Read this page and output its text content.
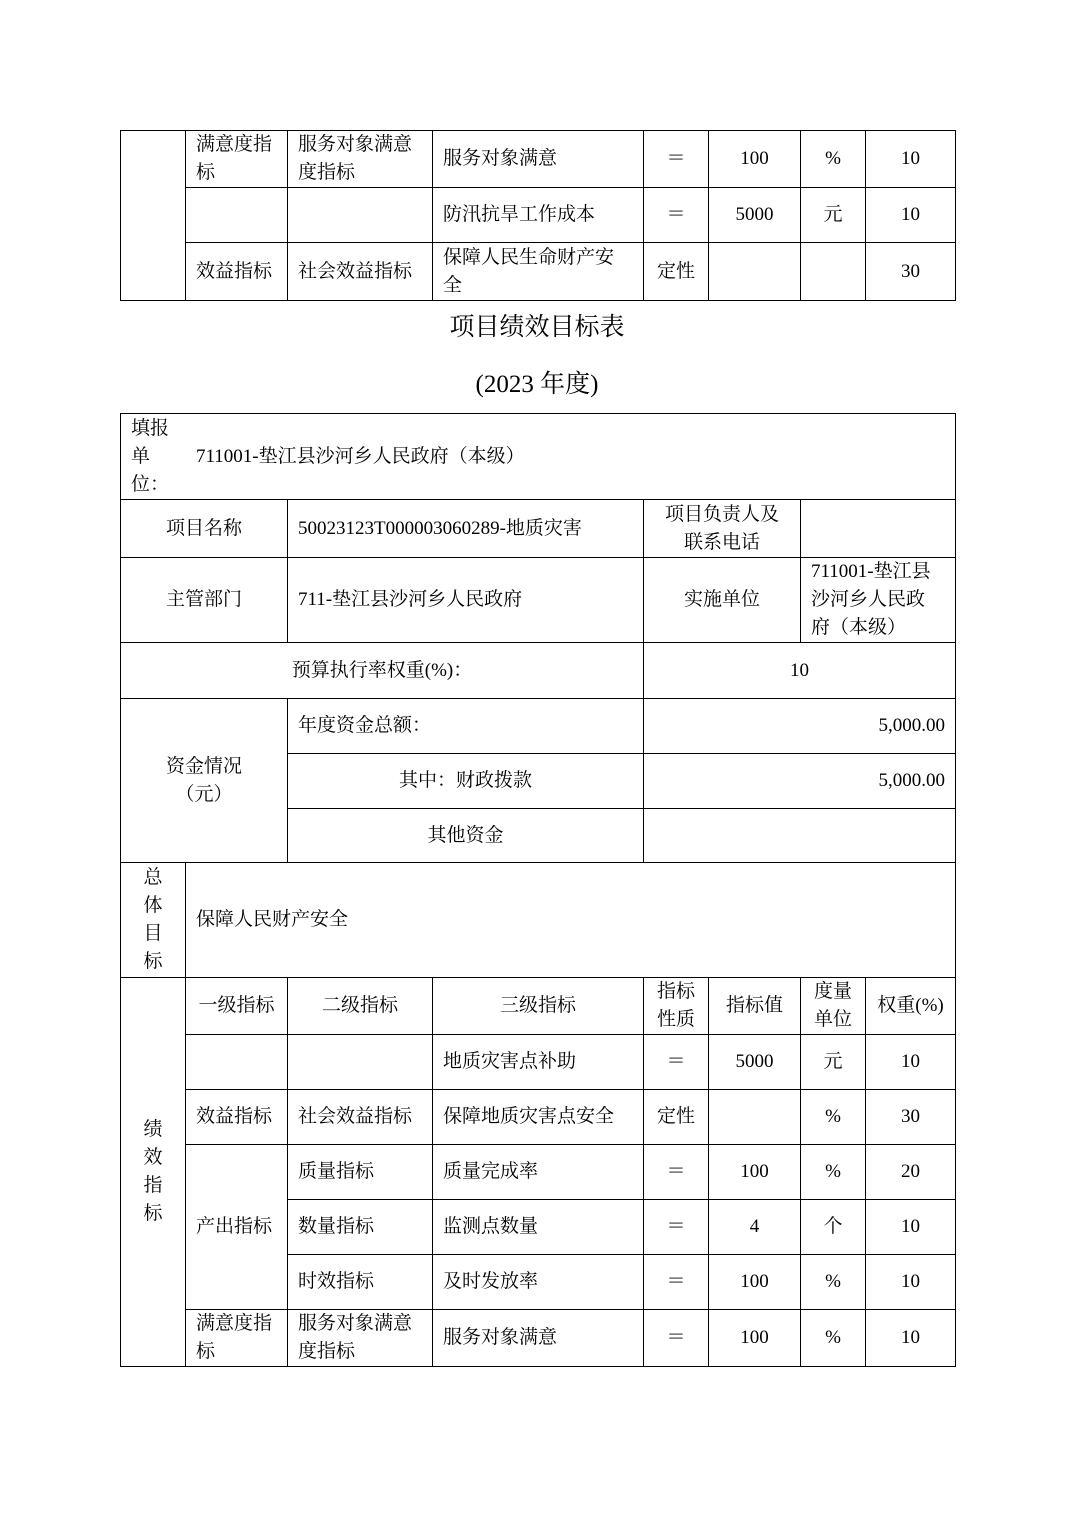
	满意度指标	服务对象满意度指标	服务对象满意	＝	100	%	10
			防汛抗旱工作成本	＝	5000	元	10
	效益指标	社会效益指标	保障人民生命财产安全	定性			30
项目绩效目标表
(2023 年度)
填报单位：
711001-垫江县沙河乡人民政府（本级）							

项目名称		50023123T000003060289-地质灾害		项目负责人及联系电话			
主管部门		711-垫江县沙河乡人民政府		实施单位		711001-垫江县沙河乡人民政府（本级）	
预算执行率权重(%)：				10			
资金情况（元）		年度资金总额：		5,000.00			
		其中：财政拨款		5,000.00			
		其他资金					
总体目标	保障人民财产安全						
绩效指标	一级指标	二级指标	三级指标	指标性质	指标值	度量单位	权重(%)
			地质灾害点补助	＝	5000	元	10
	效益指标	社会效益指标	保障地质灾害点安全	定性		%	30
	产出指标	质量指标	质量完成率	＝	100	%	20
		数量指标	监测点数量	＝	4	个	10
		时效指标	及时发放率	＝	100	%	10
	满意度指标	服务对象满意度指标	服务对象满意	＝	100	%	10
